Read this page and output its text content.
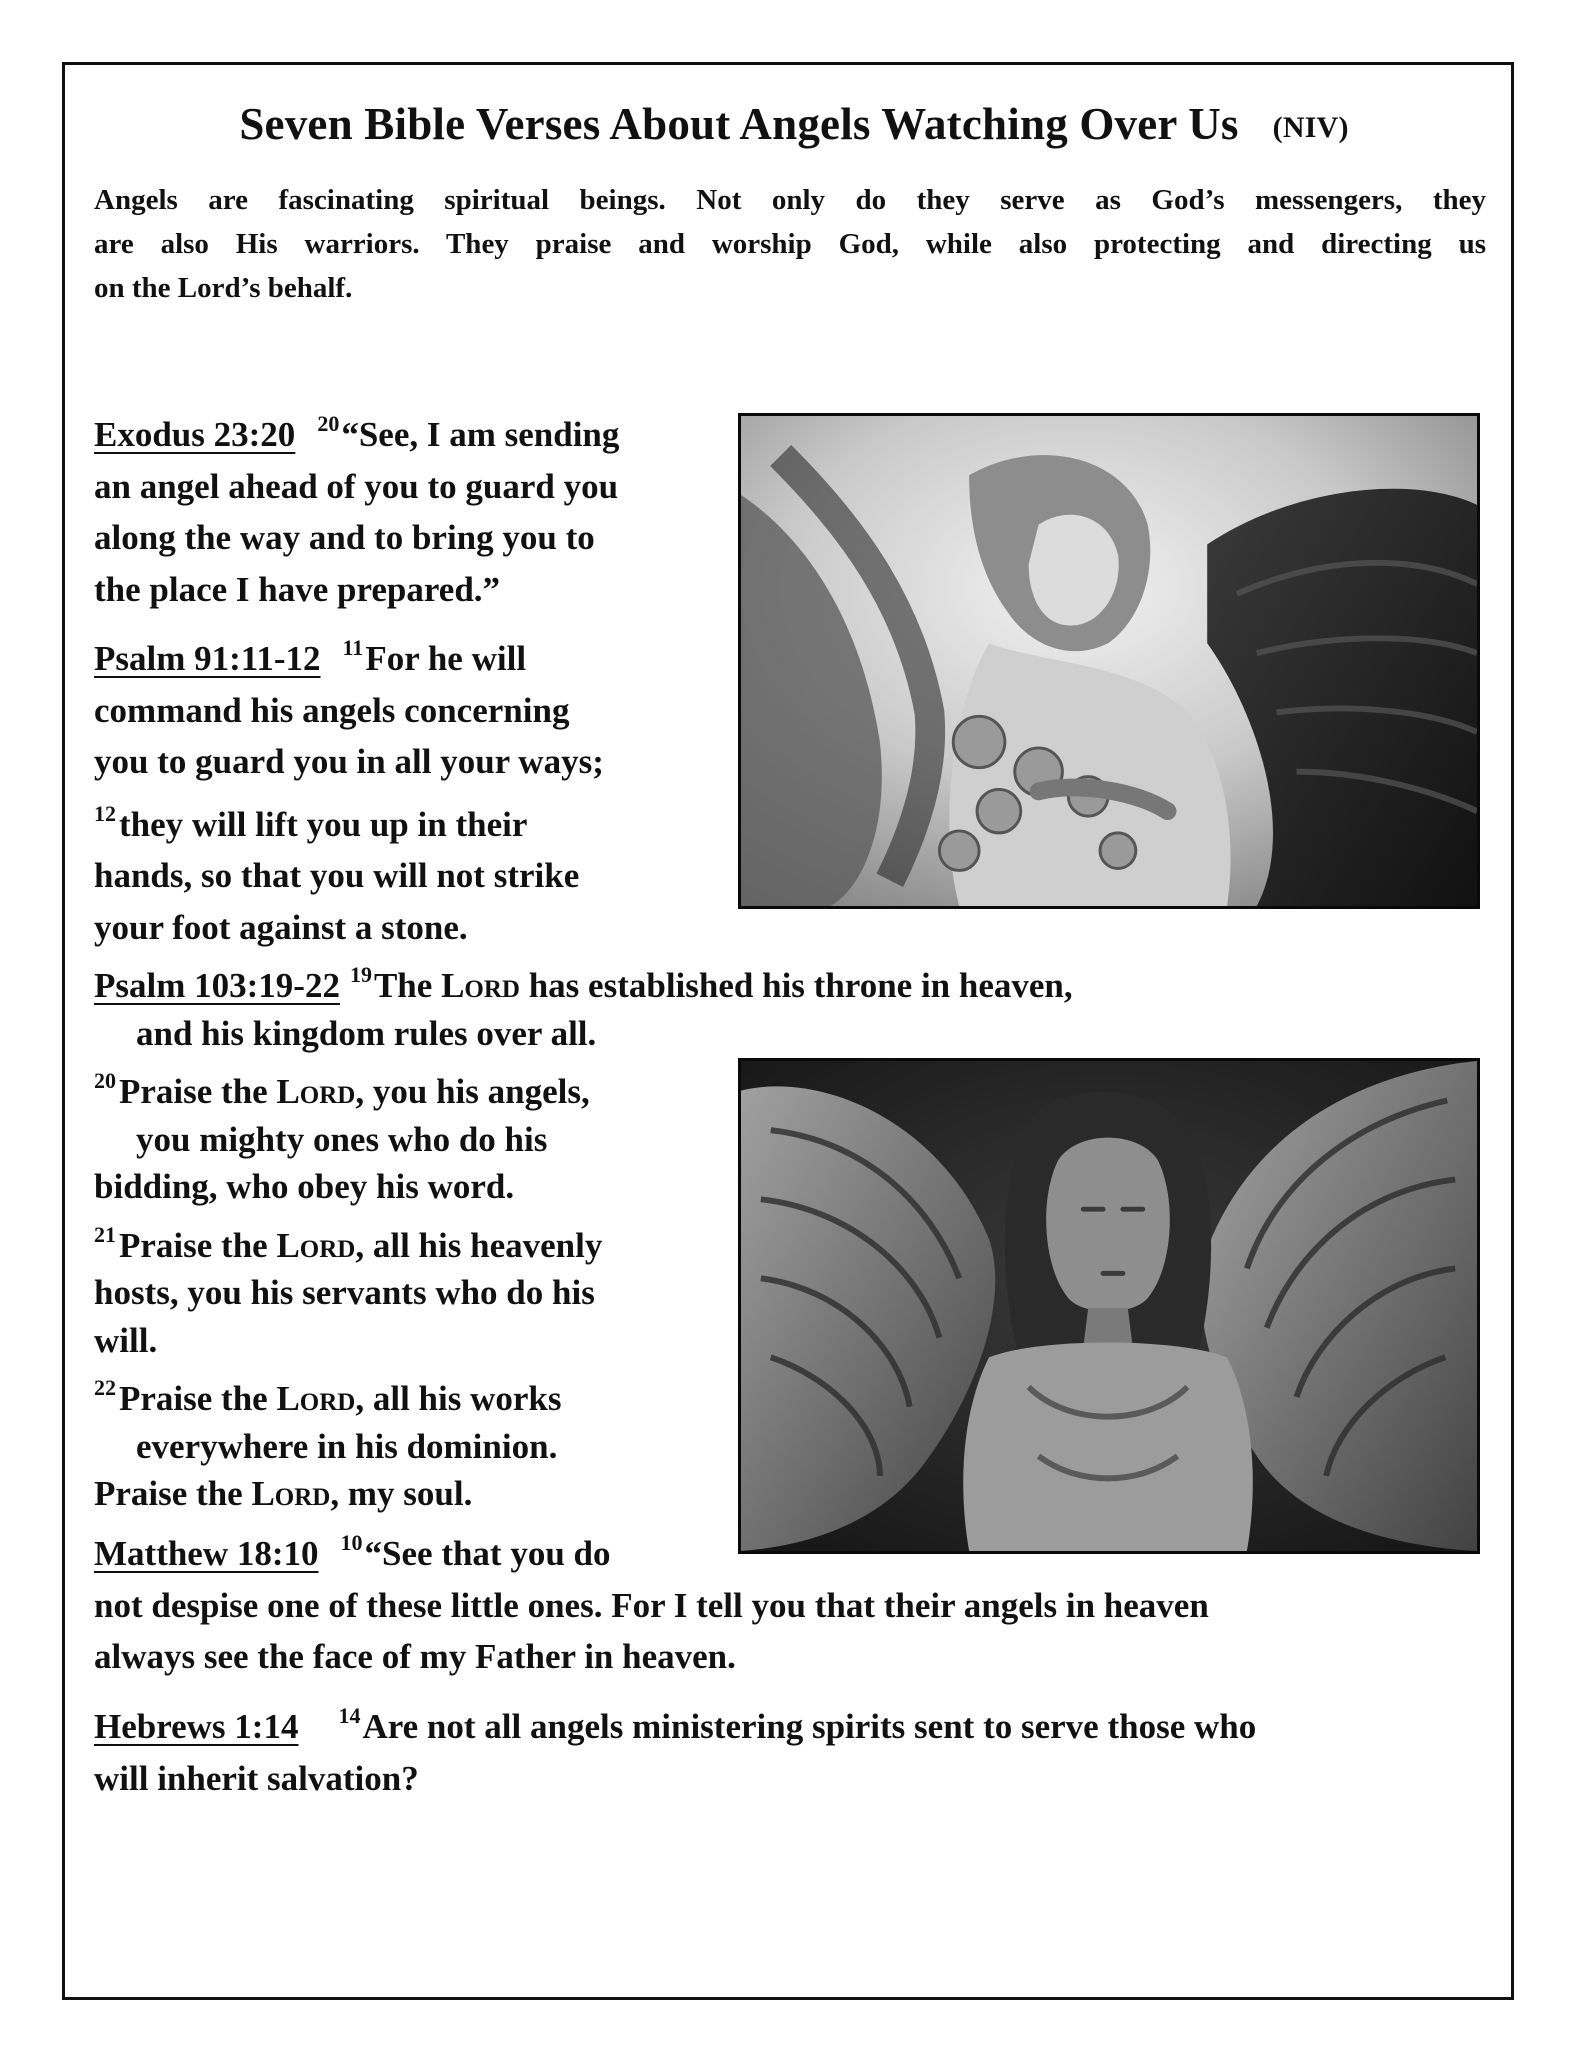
Seven Bible Verses About Angels Watching Over Us (NIV)
Angels are fascinating spiritual beings. Not only do they serve as God’s messengers, they
are also His warriors. They praise and worship God, while also protecting and directing us
on the Lord’s behalf.
Exodus 23:20 $^{20}$“See, I am sending
an angel ahead of you to guard you
along the way and to bring you to
the place I have prepared.”
Psalm 91:11-12 $^{11}$For he will
command his angels concerning
you to guard you in all your ways;
$^{12}$they will lift you up in their
hands, so that you will not strike
your foot against a stone.
Psalm 103:19-22 $^{19}$The Lord has established his throne in heaven,
and his kingdom rules over all.
$^{20}$Praise the Lord, you his angels,
you mighty ones who do his
bidding, who obey his word.
$^{21}$Praise the Lord, all his heavenly
hosts, you his servants who do his
will.
$^{22}$Praise the Lord, all his works
everywhere in his dominion.
Praise the Lord, my soul.
Matthew 18:10 $^{10}$“See that you do
not despise one of these little ones. For I tell you that their angels in heaven
always see the face of my Father in heaven.
Hebrews 1:14 $^{14}$Are not all angels ministering spirits sent to serve those who
will inherit salvation?
